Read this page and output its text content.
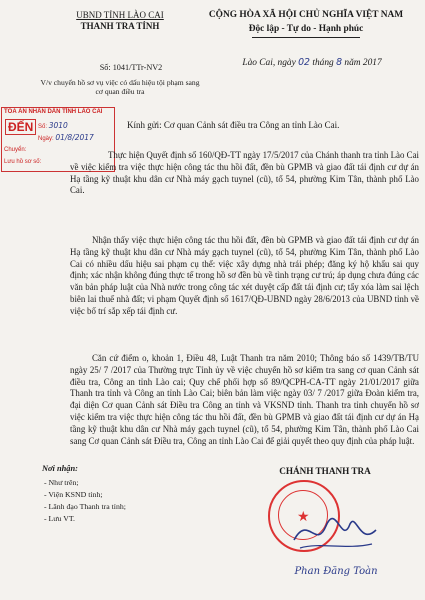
UBND TỈNH LÀO CAI
THANH TRA TỈNH
Số: 1041/TTr-NV2
V/v chuyển hồ sơ vụ việc có dấu hiệu tội phạm sang cơ quan điều tra
CỘNG HÒA XÃ HỘI CHỦ NGHĨA VIỆT NAM
Độc lập - Tự do - Hạnh phúc
Lào Cai, ngày 02 tháng 8 năm 2017
TÒA ÁN NHÂN DÂN TỈNH LÀO CAI
ĐẾN Số: 3010
Ngày: 01/8/2017
Chuyển:
Lưu hồ sơ số:
Kính gửi: Cơ quan Cảnh sát điều tra Công an tỉnh Lào Cai.
Thực hiện Quyết định số 160/QĐ-TT ngày 17/5/2017 của Chánh thanh tra tỉnh Lào Cai về việc kiểm tra việc thực hiện công tác thu hồi đất, đền bù GPMB và giao đất tái định cư dự án Hạ tầng kỹ thuật khu dân cư Nhà máy gạch tuynel (cũ), tổ 54, phường Kim Tân, thành phố Lào Cai.
Nhận thấy việc thực hiện công tác thu hồi đất, đền bù GPMB và giao đất tái định cư dự án Hạ tầng kỹ thuật khu dân cư Nhà máy gạch tuynel (cũ), tổ 54, phường Kim Tân, thành phố Lào Cai có nhiều dấu hiệu sai phạm cụ thể: việc xây dựng nhà trái phép; đăng ký hộ khẩu sai quy định; xác nhận không đúng thực tế trong hồ sơ đền bù về tình trạng cư trú; áp dụng chưa đúng các văn bản pháp luật của Nhà nước trong công tác xét duyệt cấp đất tái định cư; tẩy xóa làm sai lệch biên lai thuế nhà đất; vi phạm Quyết định số 1617/QĐ-UBND ngày 28/6/2013 của UBND tỉnh về việc bố trí sắp xếp tái định cư.
Căn cứ điểm o, khoản 1, Điều 48, Luật Thanh tra năm 2010; Thông báo số 1439/TB/TU ngày 25/ 7 /2017 của Thường trực Tỉnh ủy về việc chuyển hồ sơ kiểm tra sang cơ quan Cảnh sát điều tra, Công an tỉnh Lào cai; Quy chế phối hợp số 89/QCPH-CA-TT ngày 21/01/2017 giữa Thanh tra tỉnh và Công an tỉnh Lào Cai; biên bản làm việc ngày 03/ 7 /2017 giữa Đoàn kiểm tra, đại diện Cơ quan Cảnh sát Điều tra Công an tỉnh và VKSND tỉnh. Thanh tra tỉnh chuyển hồ sơ việc kiểm tra việc thực hiện công tác thu hồi đất, đền bù GPMB và giao đất tái định cư dự án Hạ tầng kỹ thuật khu dân cư Nhà máy gạch tuynel (cũ), tổ 54, phường Kim Tân, thành phố Lào Cai sang Cơ quan Cảnh sát Điều tra, Công an tỉnh Lào Cai để giải quyết theo quy định của pháp luật.
Nơi nhận:
- Như trên;
- Viện KSND tỉnh;
- Lãnh đạo Thanh tra tỉnh;
- Lưu VT.
CHÁNH THANH TRA
★
Phan Đăng Toàn
